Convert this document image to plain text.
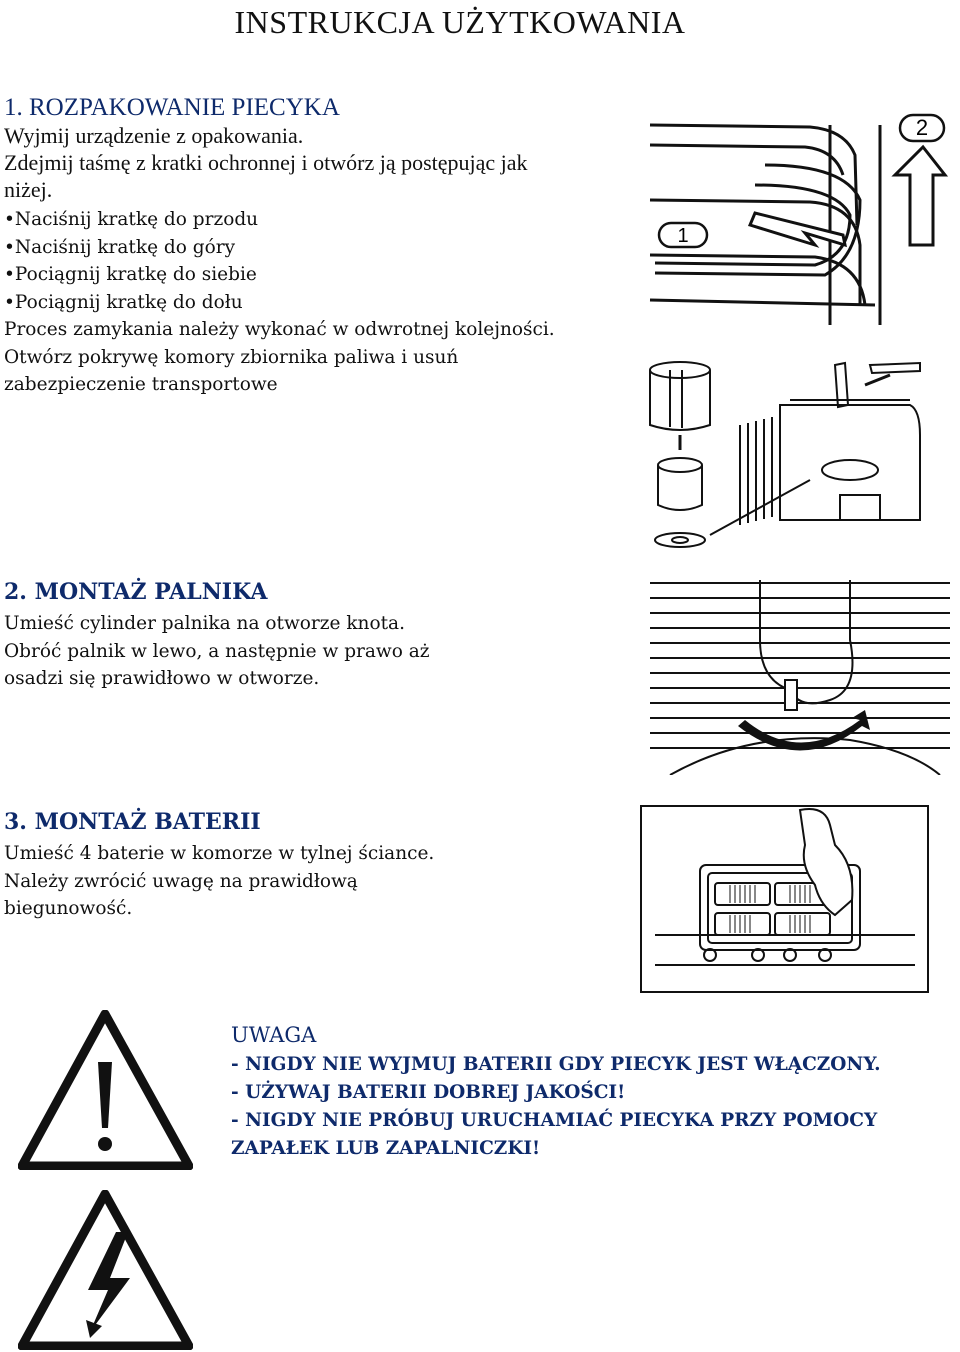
INSTRUKCJA UŻYTKOWANIA
1. ROZPAKOWANIE PIECYKA
Wyjmij urządzenie z opakowania.
Zdejmij taśmę z kratki ochronnej i otwórz ją postępując jak
niżej.
•Naciśnij kratkę do przodu
•Naciśnij kratkę do góry
•Pociągnij kratkę do siebie
•Pociągnij kratkę do dołu
Proces zamykania należy wykonać w odwrotnej kolejności.
Otwórz pokrywę komory zbiornika paliwa i usuń
zabezpieczenie transportowe
1
2
2. MONTAŻ PALNIKA
Umieść cylinder palnika na otworze knota.
Obróć palnik w lewo, a następnie w prawo aż
osadzi się prawidłowo w otworze.
3. MONTAŻ BATERII
Umieść 4 baterie w komorze w tylnej ściance.
Należy zwrócić uwagę na prawidłową
biegunowość.
UWAGA
- NIGDY NIE WYJMUJ BATERII GDY PIECYK JEST WŁĄCZONY.
- UŻYWAJ BATERII DOBREJ JAKOŚCI!
- NIGDY NIE PRÓBUJ URUCHAMIAĆ PIECYKA PRZY POMOCY
ZAPAŁEK LUB ZAPALNICZKI!
